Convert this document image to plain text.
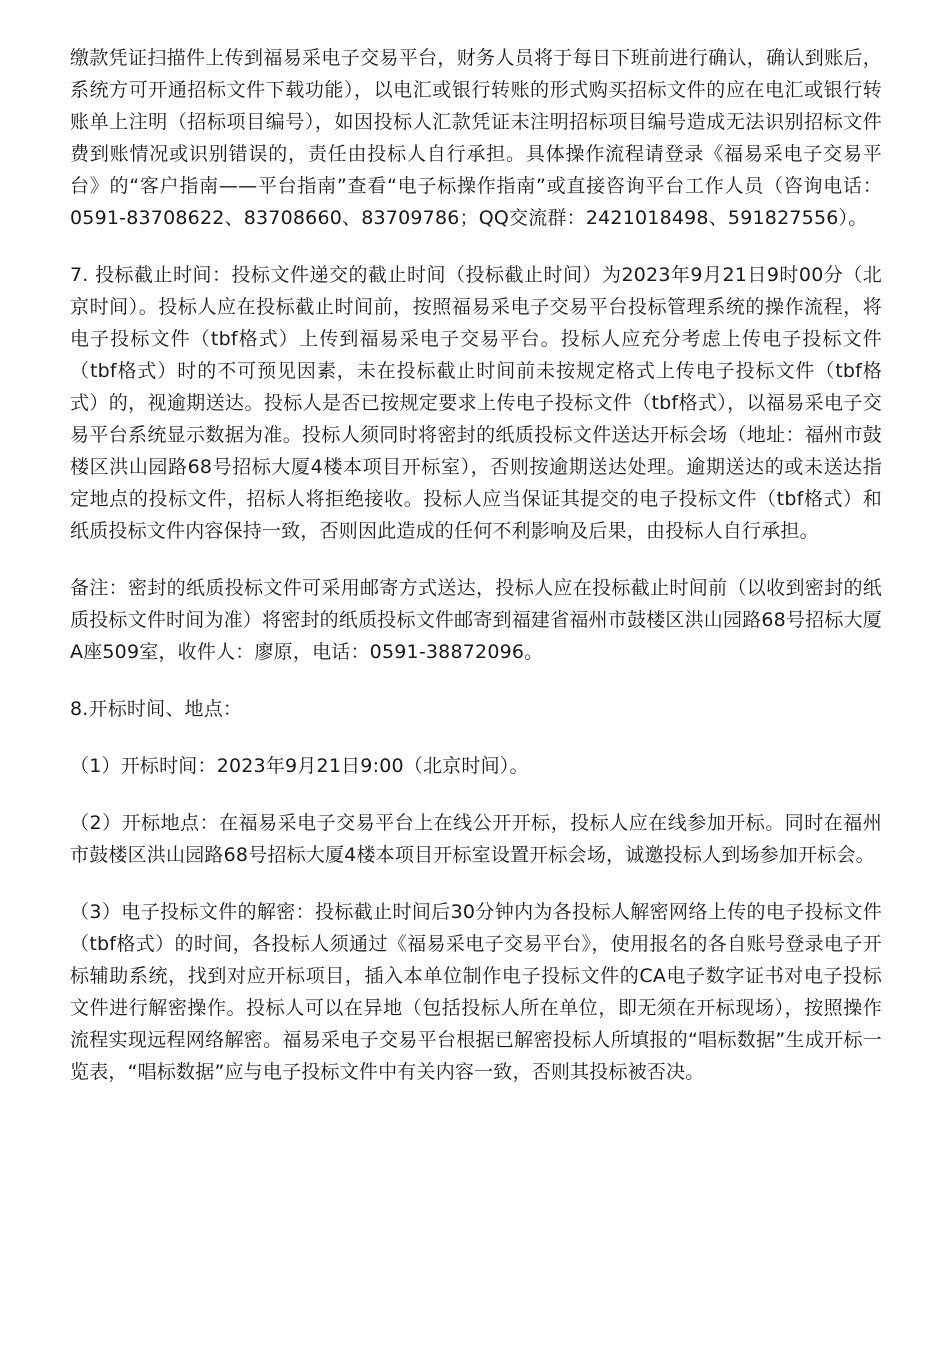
缴款凭证扫描件上传到福易采电子交易平台，财务人员将于每日下班前进行确认，确认到账后，系统方可开通招标文件下载功能），以电汇或银行转账的形式购买招标文件的应在电汇或银行转账单上注明（招标项目编号），如因投标人汇款凭证未注明招标项目编号造成无法识别招标文件费到账情况或识别错误的，责任由投标人自行承担。具体操作流程请登录《福易采电子交易平台》的“客户指南——平台指南”查看“电子标操作指南”或直接咨询平台工作人员（咨询电话：0591-83708622、83708660、83709786；QQ交流群：2421018498、591827556）。

7. 投标截止时间：投标文件递交的截止时间（投标截止时间）为2023年9月21日9时00分（北京时间）。投标人应在投标截止时间前，按照福易采电子交易平台投标管理系统的操作流程，将电子投标文件（tbf格式）上传到福易采电子交易平台。投标人应充分考虑上传电子投标文件（tbf格式）时的不可预见因素，未在投标截止时间前未按规定格式上传电子投标文件（tbf格式）的，视逾期送达。投标人是否已按规定要求上传电子投标文件（tbf格式），以福易采电子交易平台系统显示数据为准。投标人须同时将密封的纸质投标文件送达开标会场（地址：福州市鼓楼区洪山园路68号招标大厦4楼本项目开标室），否则按逾期送达处理。逾期送达的或未送达指定地点的投标文件，招标人将拒绝接收。投标人应当保证其提交的电子投标文件（tbf格式）和纸质投标文件内容保持一致，否则因此造成的任何不利影响及后果，由投标人自行承担。

备注：密封的纸质投标文件可采用邮寄方式送达，投标人应在投标截止时间前（以收到密封的纸质投标文件时间为准）将密封的纸质投标文件邮寄到福建省福州市鼓楼区洪山园路68号招标大厦A座509室，收件人：廖原，电话：0591-38872096。

8.开标时间、地点：

（1）开标时间：2023年9月21日9:00（北京时间）。

（2）开标地点：在福易采电子交易平台上在线公开开标，投标人应在线参加开标。同时在福州市鼓楼区洪山园路68号招标大厦4楼本项目开标室设置开标会场，诚邀投标人到场参加开标会。

（3）电子投标文件的解密：投标截止时间后30分钟内为各投标人解密网络上传的电子投标文件（tbf格式）的时间，各投标人须通过《福易采电子交易平台》，使用报名的各自账号登录电子开标辅助系统，找到对应开标项目，插入本单位制作电子投标文件的CA电子数字证书对电子投标文件进行解密操作。投标人可以在异地（包括投标人所在单位，即无须在开标现场），按照操作流程实现远程网络解密。福易采电子交易平台根据已解密投标人所填报的“唱标数据”生成开标一览表，“唱标数据”应与电子投标文件中有关内容一致，否则其投标被否决。
